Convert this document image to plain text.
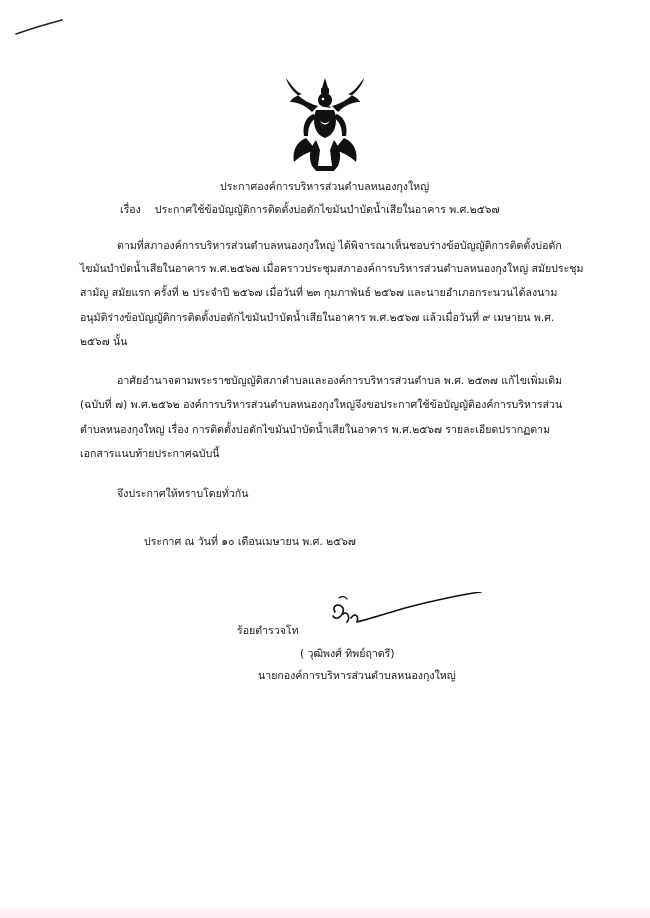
ประกาศองค์การบริหารส่วนตำบลหนองกุงใหญ่
เรื่อง ประกาศใช้ข้อบัญญัติการติดตั้งบ่อดักไขมันบำบัดน้ำเสียในอาคาร พ.ศ.๒๕๖๗
ตามที่สภาองค์การบริหารส่วนตำบลหนองกุงใหญ่ ได้พิจารณาเห็นชอบร่างข้อบัญญัติการติดตั้งบ่อดัก
ไขมันบำบัดน้ำเสียในอาคาร พ.ศ.๒๕๖๗ เมื่อคราวประชุมสภาองค์การบริหารส่วนตำบลหนองกุงใหญ่ สมัยประชุม
สามัญ สมัยแรก ครั้งที่ ๒ ประจำปี ๒๕๖๗ เมื่อวันที่ ๒๓ กุมภาพันธ์ ๒๕๖๗ และนายอำเภอกระนวนได้ลงนาม
อนุมัติร่างข้อบัญญัติการติดตั้งบ่อดักไขมันบำบัดน้ำเสียในอาคาร พ.ศ.๒๕๖๗ แล้วเมื่อวันที่ ๙ เมษายน พ.ศ.
๒๕๖๗ นั้น
อาศัยอำนาจตามพระราชบัญญัติสภาตำบลและองค์การบริหารส่วนตำบล พ.ศ. ๒๕๓๗ แก้ไขเพิ่มเติม
(ฉบับที่ ๗) พ.ศ.๒๕๖๒ องค์การบริหารส่วนตำบลหนองกุงใหญ่จึงขอประกาศใช้ข้อบัญญัติองค์การบริหารส่วน
ตำบลหนองกุงใหญ่ เรื่อง การติดตั้งบ่อดักไขมันบำบัดน้ำเสียในอาคาร พ.ศ.๒๕๖๗ รายละเอียดปรากฏตาม
เอกสารแนบท้ายประกาศฉบับนี้
จึงประกาศให้ทราบโดยทั่วกัน
ประกาศ ณ วันที่ ๑๐ เดือนเมษายน พ.ศ. ๒๕๖๗
ร้อยตำรวจโท
( วุฒิพงศ์ ทิพย์ฤาตรี)
นายกองค์การบริหารส่วนตำบลหนองกุงใหญ่
